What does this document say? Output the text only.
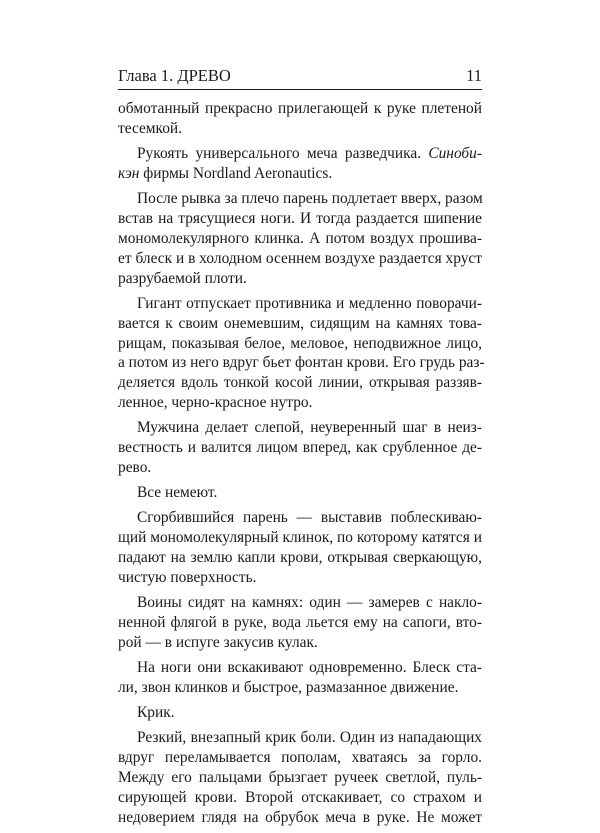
Глава 1. ДРЕВО	11
обмотанный прекрасно прилегающей к руке плетеной
тесемкой.
Рукоять универсального меча разведчика. Синоби-
кэн фирмы Nordland Aeronautics.
После рывка за плечо парень подлетает вверх, разом
встав на трясущиеся ноги. И тогда раздается шипение
мономолекулярного клинка. А потом воздух прошива-
ет блеск и в холодном осеннем воздухе раздается хруст
разрубаемой плоти.
Гигант отпускает противника и медленно поворачи-
вается к своим онемевшим, сидящим на камнях това-
рищам, показывая белое, меловое, неподвижное лицо,
а потом из него вдруг бьет фонтан крови. Его грудь раз-
деляется вдоль тонкой косой линии, открывая раззяв-
ленное, черно-красное нутро.
Мужчина делает слепой, неуверенный шаг в неиз-
вестность и валится лицом вперед, как срубленное де-
рево.
Все немеют.
Сгорбившийся парень — выставив поблескиваю-
щий мономолекулярный клинок, по которому катятся и
падают на землю капли крови, открывая сверкающую,
чистую поверхность.
Воины сидят на камнях: один — замерев с накло-
ненной флягой в руке, вода льется ему на сапоги, вто-
рой — в испуге закусив кулак.
На ноги они вскакивают одновременно. Блеск ста-
ли, звон клинков и быстрое, размазанное движение.
Крик.
Резкий, внезапный крик боли. Один из нападающих
вдруг переламывается пополам, хватаясь за горло.
Между его пальцами брызгает ручеек светлой, пуль-
сирующей крови. Второй отскакивает, со страхом и
недоверием глядя на обрубок меча в руке. Не может
